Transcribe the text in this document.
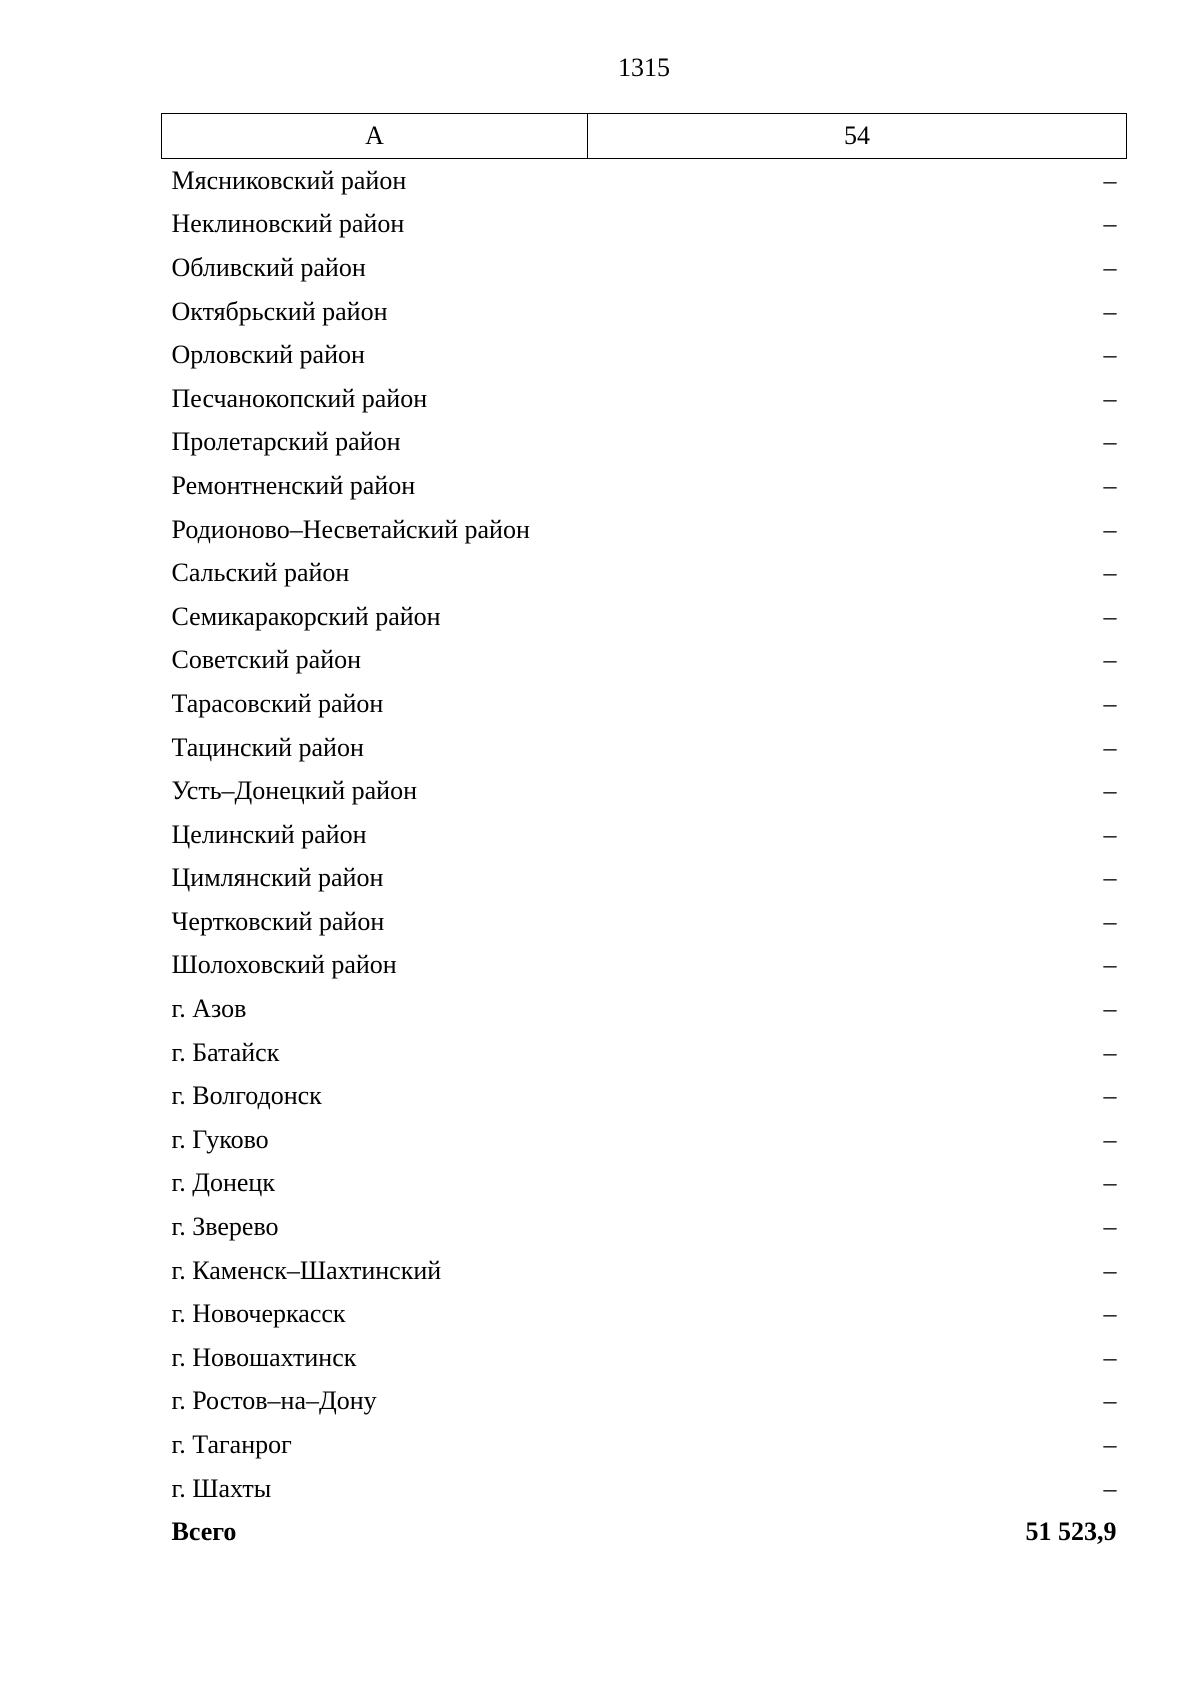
1315
А	54
Мясниковский район	–
Неклиновский район	–
Обливский район	–
Октябрьский район	–
Орловский район	–
Песчанокопский район	–
Пролетарский район	–
Ремонтненский район	–
Родионово–Несветайский район	–
Сальский район	–
Семикаракорский район	–
Советский район	–
Тарасовский район	–
Тацинский район	–
Усть–Донецкий район	–
Целинский район	–
Цимлянский район	–
Чертковский район	–
Шолоховский район	–
г. Азов	–
г. Батайск	–
г. Волгодонск	–
г. Гуково	–
г. Донецк	–
г. Зверево	–
г. Каменск–Шахтинский	–
г. Новочеркасск	–
г. Новошахтинск	–
г. Ростов–на–Дону	–
г. Таганрог	–
г. Шахты	–
Всего	51 523,9
